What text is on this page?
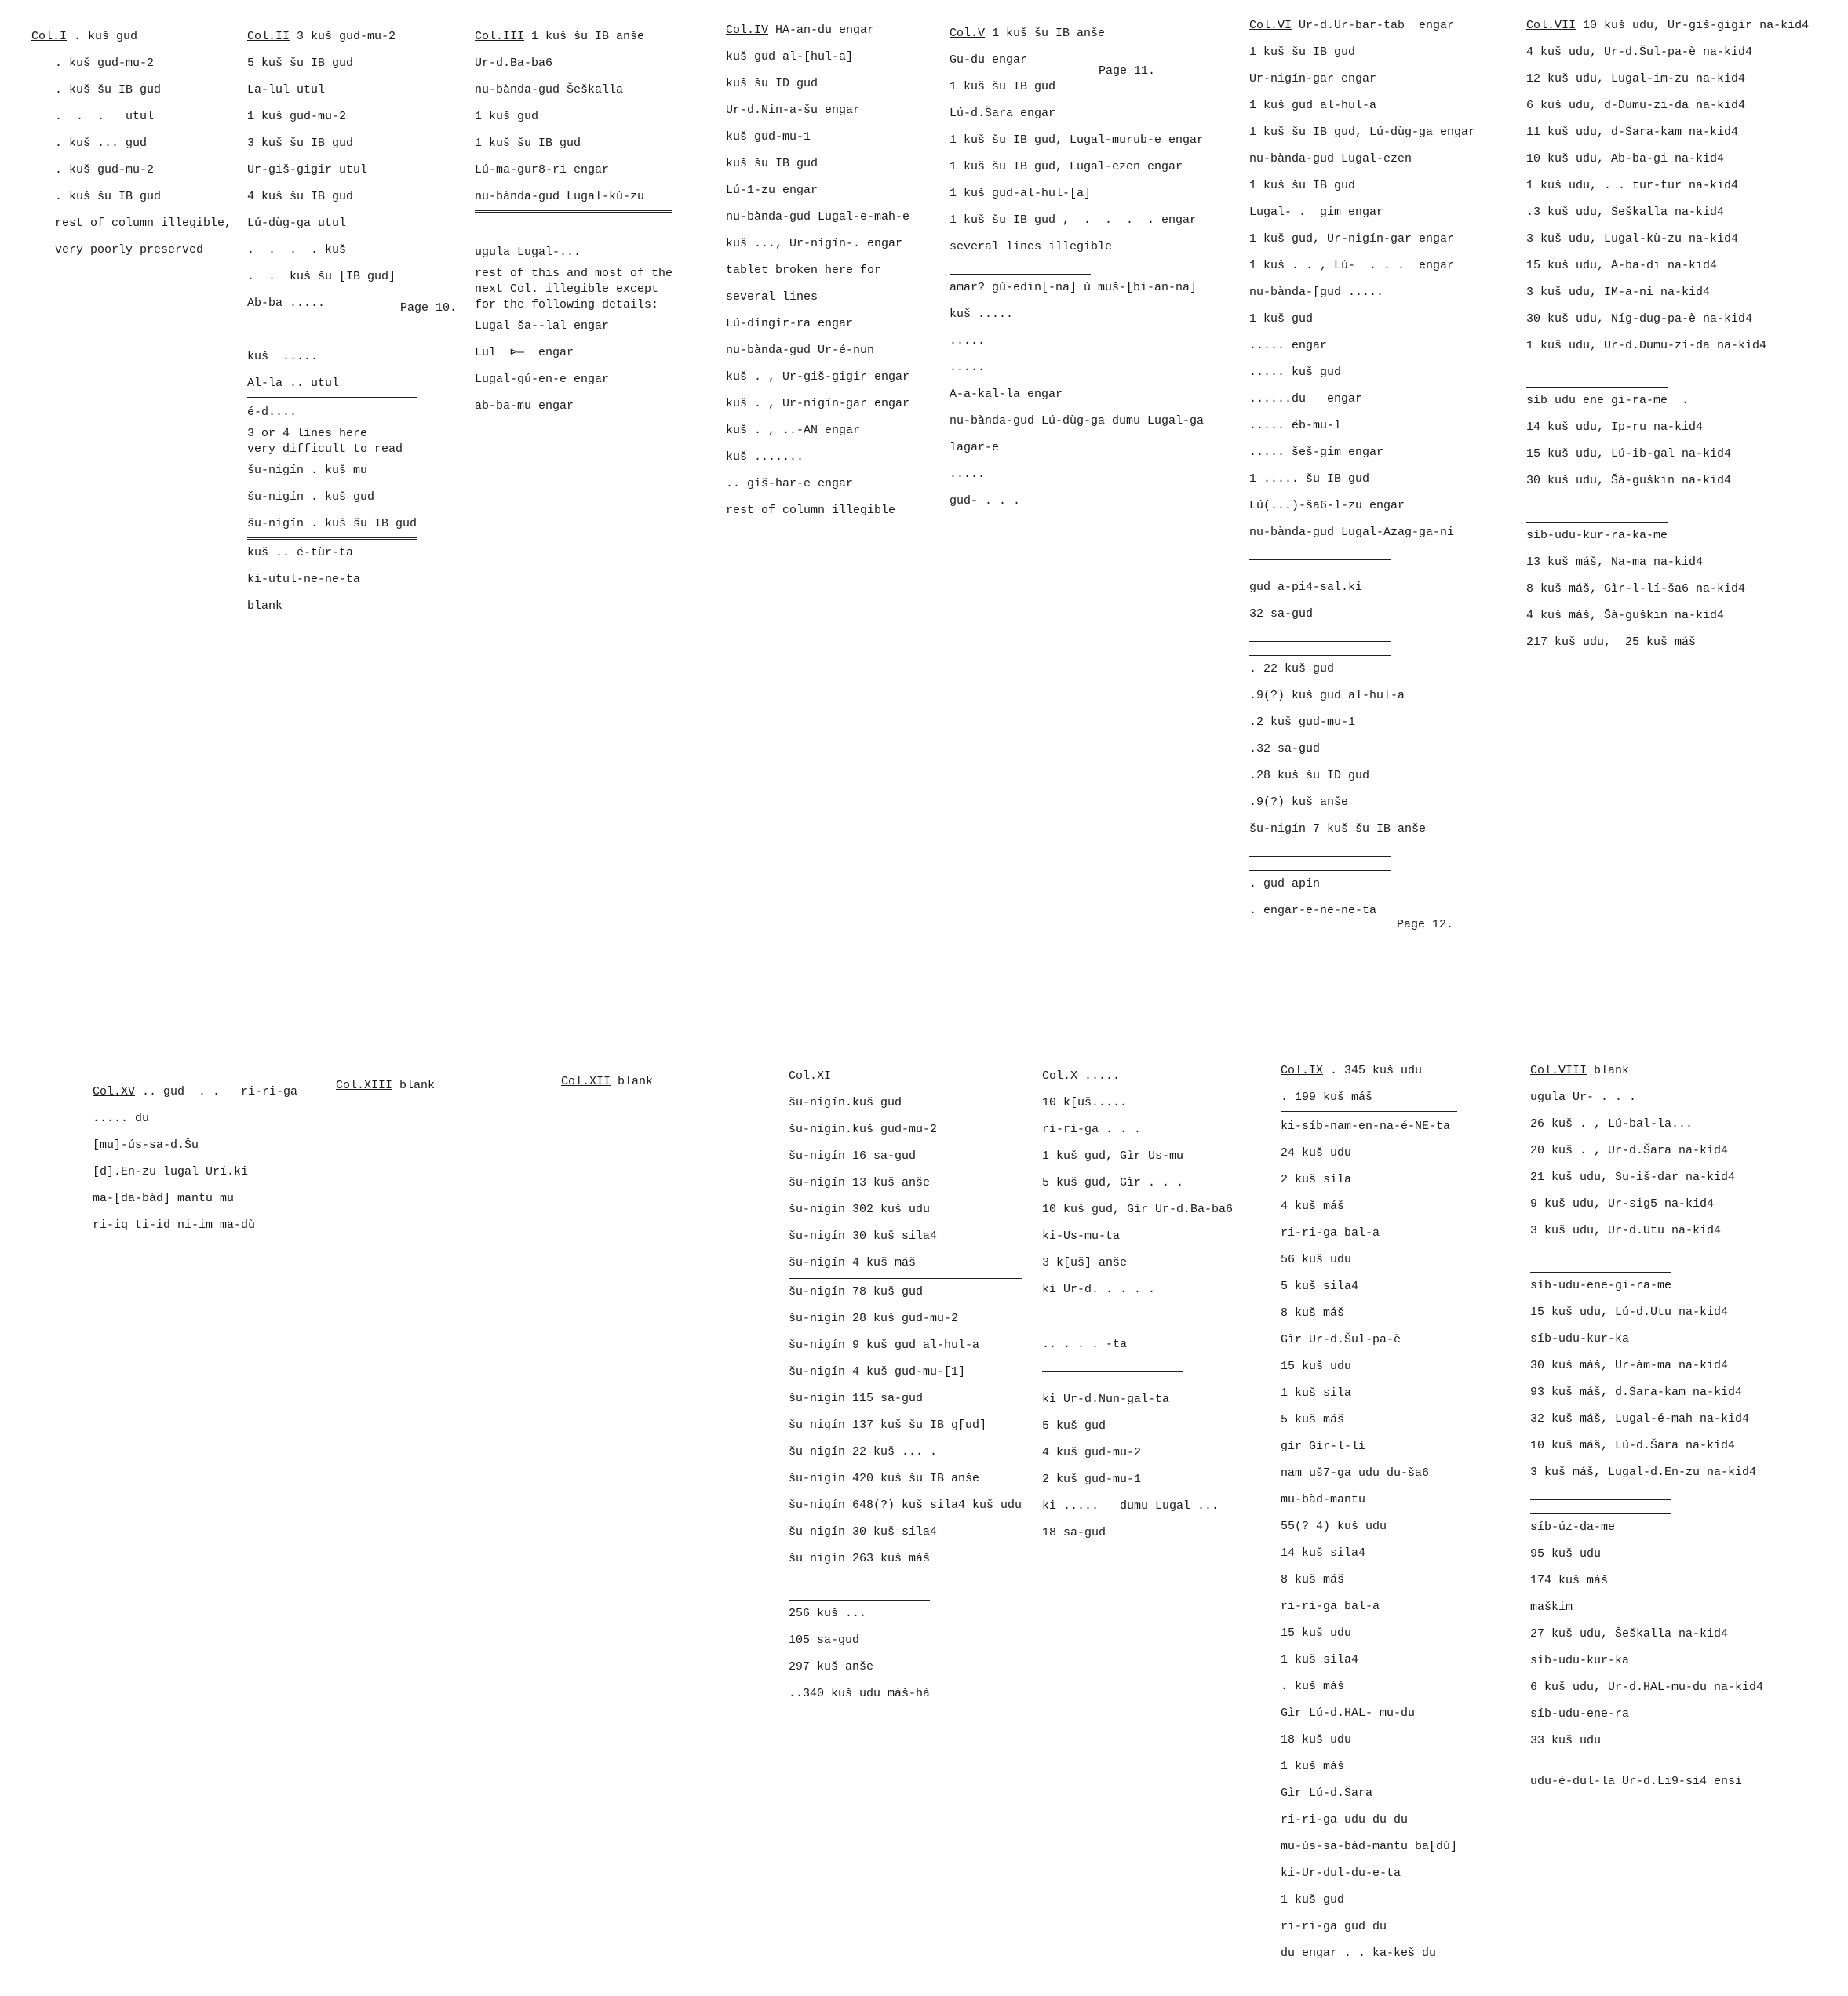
Col.I . kuš gud
. kuš gud-mu-2
. kuš šu IB gud
.  .  .   utul
. kuš ... gud
. kuš gud-mu-2
. kuš šu IB gud
rest of column illegible,
very poorly preserved
Col.II 3 kuš gud-mu-2
5 kuš šu IB gud
La-lul utul
1 kuš gud-mu-2
3 kuš šu IB gud
Ur-giš-gigir utul
4 kuš šu IB gud
Lú-dùg-ga utul
.  .  .  . kuš
.  .  kuš šu [IB gud]
Ab-ba .....
kuš  .....
Al-la .. utul
é-d....
3 or 4 lines here
very difficult to read
šu-nigín . kuš mu
šu-nigín . kuš gud
šu-nigín . kuš šu IB gud
kuš .. é-tùr-ta
ki-utul-ne-ne-ta
blank
Col.III 1 kuš šu IB anše
Ur-d.Ba-ba6
nu-bànda-gud Šeškalla
1 kuš gud
1 kuš šu IB gud
Lú-ma-gur8-ri engar
nu-bànda-gud Lugal-kù-zu
ugula Lugal-...
rest of this and most of the
next Col. illegible except
for the following details:
Lugal ša--lal engar
Lul  ⊳—  engar
Lugal-gú-en-e engar
ab-ba-mu engar
Col.IV HA-an-du engar
kuš gud al-[hul-a]
kuš šu ID gud
Ur-d.Nin-a-šu engar
kuš gud-mu-1
kuš šu IB gud
Lú-1-zu engar
nu-bànda-gud Lugal-e-mah-e
kuš ..., Ur-nigín-. engar
tablet broken here for
several lines
Lú-dingir-ra engar
nu-bànda-gud Ur-é-nun
kuš . , Ur-giš-gigir engar
kuš . , Ur-nigín-gar engar
kuš . , ..-AN engar
kuš .......
.. giš-har-e engar
rest of column illegible
Col.V 1 kuš šu IB anše
Gu-du engar
1 kuš šu IB gud
Lú-d.Šara engar
1 kuš šu IB gud, Lugal-murub-e engar
1 kuš šu IB gud, Lugal-ezen engar
1 kuš gud-al-hul-[a]
1 kuš šu IB gud ,  .  .  .  . engar
several lines illegible
amar? gú-edin[-na] ù muš-[bi-an-na]
kuš .....
.....
.....
A-a-kal-la engar
nu-bànda-gud Lú-dùg-ga dumu Lugal-ga
lagar-e
.....
gud- . . .
Col.VI Ur-d.Ur-bar-tab  engar
1 kuš šu IB gud
Ur-nigín-gar engar
1 kuš gud al-hul-a
1 kuš šu IB gud, Lú-dùg-ga engar
nu-bànda-gud Lugal-ezen
1 kuš šu IB gud
Lugal- .  gim engar
1 kuš gud, Ur-nigín-gar engar
1 kuš . . , Lú-  . . .  engar
nu-bànda-[gud .....
1 kuš gud
..... engar
..... kuš gud
......du   engar
..... éb-mu-l
..... šeš-gim engar
1 ..... šu IB gud
Lú(...)-ša6-l-zu engar
nu-bànda-gud Lugal-Azag-ga-ni
gud a-pi4-sal.ki
32 sa-gud
. 22 kuš gud
.9(?) kuš gud al-hul-a
.2 kuš gud-mu-1
.32 sa-gud
.28 kuš šu ID gud
.9(?) kuš anše
šu-nigín 7 kuš šu IB anše
. gud apin
. engar-e-ne-ne-ta
Col.VII 10 kuš udu, Ur-giš-gigir na-kid4
4 kuš udu, Ur-d.Šul-pa-è na-kid4
12 kuš udu, Lugal-im-zu na-kid4
6 kuš udu, d-Dumu-zi-da na-kid4
11 kuš udu, d-Šara-kam na-kid4
10 kuš udu, Ab-ba-gi na-kid4
1 kuš udu, . . tur-tur na-kid4
.3 kuš udu, Šeškalla na-kid4
3 kuš udu, Lugal-kù-zu na-kid4
15 kuš udu, A-ba-di na-kid4
3 kuš udu, IM-a-ni na-kid4
30 kuš udu, Níg-dug-pa-è na-kid4
1 kuš udu, Ur-d.Dumu-zi-da na-kid4
síb udu ene gi-ra-me  .
14 kuš udu, Ip-ru na-kid4
15 kuš udu, Lú-ib-gal na-kid4
30 kuš udu, Šà-guškin na-kid4
síb-udu-kur-ra-ka-me
13 kuš máš, Na-ma na-kid4
8 kuš máš, Gìr-l-lí-ša6 na-kid4
4 kuš máš, Šà-guškin na-kid4
217 kuš udu,  25 kuš máš
Col.XV .. gud  . .   ri-ri-ga
..... du
[mu]-ús-sa-d.Šu
[d].En-zu lugal Urí.ki
ma-[da-bàd] mantu mu
ri-iq ti-id ni-im ma-dù
Col.XIII blank	Col.XII blank	Col.XI
šu-nigín.kuš gud
šu-nigín.kuš gud-mu-2
šu-nigín 16 sa-gud
šu-nigín 13 kuš anše
šu-nigín 302 kuš udu
šu-nigín 30 kuš sila4
šu-nigín 4 kuš máš
šu-nigín 78 kuš gud
šu-nigín 28 kuš gud-mu-2
šu-nigín 9 kuš gud al-hul-a
šu-nigín 4 kuš gud-mu-[1]
šu-nigín 115 sa-gud
šu nigín 137 kuš šu IB g[ud]
šu nigín 22 kuš ... .
šu-nigín 420 kuš šu IB anše
šu-nigín 648(?) kuš sila4 kuš udu
šu nigín 30 kuš sila4
šu nigín 263 kuš máš
256 kuš ...
105 sa-gud
297 kuš anše
..340 kuš udu máš-há
Col.X .....
10 k[uš.....
ri-ri-ga . . .
1 kuš gud, Gìr Us-mu
5 kuš gud, Gìr . . .
10 kuš gud, Gìr Ur-d.Ba-ba6
ki-Us-mu-ta
3 k[uš] anše
ki Ur-d. . . . .
.. . . . -ta
ki Ur-d.Nun-gal-ta
5 kuš gud
4 kuš gud-mu-2
2 kuš gud-mu-1
ki .....   dumu Lugal ...
18 sa-gud
Col.IX . 345 kuš udu
. 199 kuš máš
ki-síb-nam-en-na-é-NE-ta
24 kuš udu
2 kuš sila
4 kuš máš
ri-ri-ga bal-a
56 kuš udu
5 kuš sila4
8 kuš máš
Gìr Ur-d.Šul-pa-è
15 kuš udu
1 kuš sila
5 kuš máš
gìr Gìr-l-lí
nam uš7-ga udu du-ša6
mu-bàd-mantu
55(? 4) kuš udu
14 kuš sila4
8 kuš máš
ri-ri-ga bal-a
15 kuš udu
1 kuš sila4
. kuš máš
Gìr Lú-d.HAL- mu-du
18 kuš udu
1 kuš máš
Gìr Lú-d.Šara
ri-ri-ga udu du du
mu-ús-sa-bàd-mantu ba[dù]
ki-Ur-dul-du-e-ta
1 kuš gud
ri-ri-ga gud du
du engar . . ka-keš du
Col.VIII blank
ugula Ur- . . .
26 kuš . , Lú-bal-la...
20 kuš . , Ur-d.Šara na-kid4
21 kuš udu, Šu-iš-dar na-kid4
9 kuš udu, Ur-sig5 na-kid4
3 kuš udu, Ur-d.Utu na-kid4
síb-udu-ene-gi-ra-me
15 kuš udu, Lú-d.Utu na-kid4
síb-udu-kur-ka
30 kuš máš, Ur-àm-ma na-kid4
93 kuš máš, d.Šara-kam na-kid4
32 kuš máš, Lugal-é-mah na-kid4
10 kuš máš, Lú-d.Šara na-kid4
3 kuš máš, Lugal-d.En-zu na-kid4
síb-úz-da-me
95 kuš udu
174 kuš máš
maškim
27 kuš udu, Šeškalla na-kid4
síb-udu-kur-ka
6 kuš udu, Ur-d.HAL-mu-du na-kid4
síb-udu-ene-ra
33 kuš udu
udu-é-dul-la Ur-d.Li9-si4 ensi
Page 10.
Page 11.
Page 12.
